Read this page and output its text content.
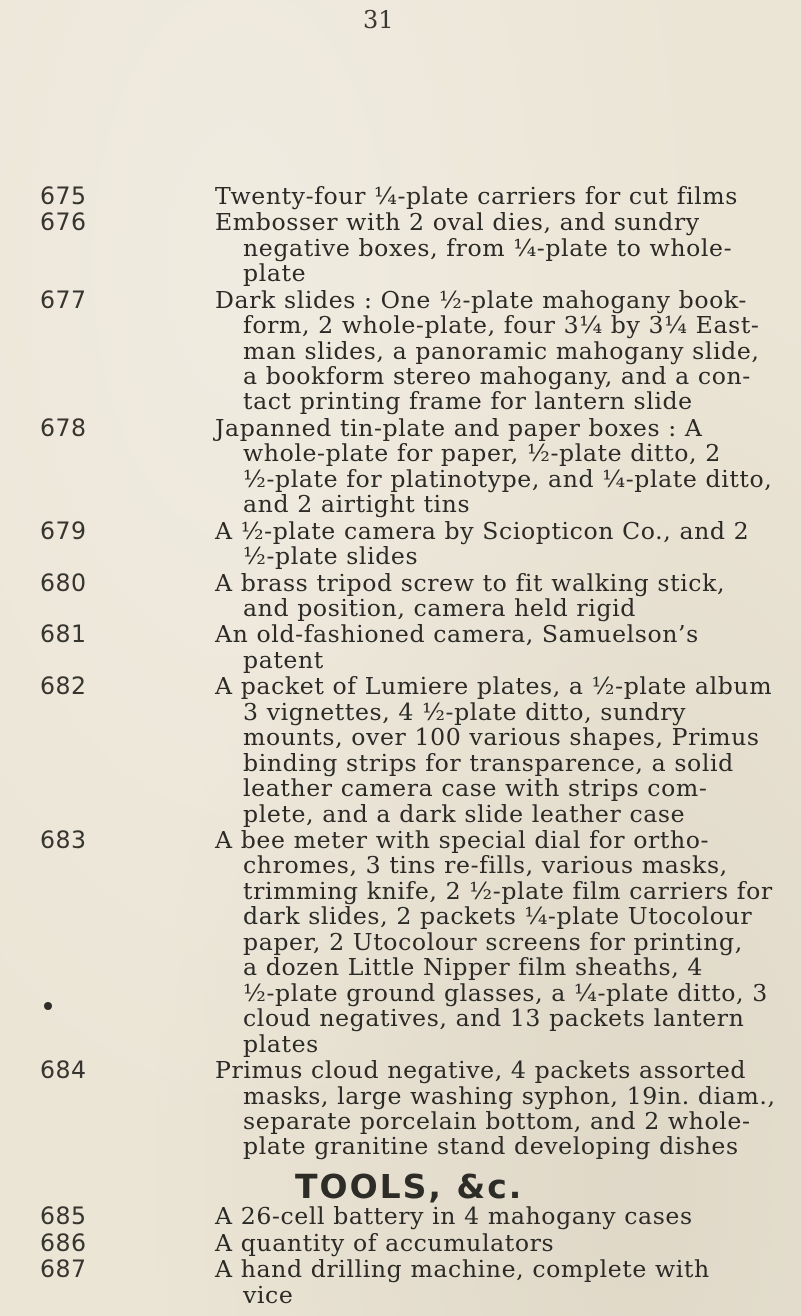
31
675	Twenty-four ¼-plate carriers for cut films
676	Embosser with 2 oval dies, and sundry
negative boxes, from ¼-plate to whole-
plate
677	Dark slides : One ½-plate mahogany book-
form, 2 whole-plate, four 3¼ by 3¼ East-
man slides, a panoramic mahogany slide,
a bookform stereo mahogany, and a con-
tact printing frame for lantern slide
678	Japanned tin-plate and paper boxes : A
whole-plate for paper, ½-plate ditto, 2
½-plate for platinotype, and ¼-plate ditto,
and 2 airtight tins
679	A ½-plate camera by Sciopticon Co., and 2
½-plate slides
680	A brass tripod screw to fit walking stick,
and position, camera held rigid
681	An old-fashioned camera, Samuelson’s
patent
682	A packet of Lumiere plates, a ½-plate album
3 vignettes, 4 ½-plate ditto, sundry
mounts, over 100 various shapes, Primus
binding strips for transparence, a solid
leather camera case with strips com-
plete, and a dark slide leather case
683	A bee meter with special dial for ortho-
chromes, 3 tins re-fills, various masks,
trimming knife, 2 ½-plate film carriers for
dark slides, 2 packets ¼-plate Utocolour
paper, 2 Utocolour screens for printing,
a dozen Little Nipper film sheaths, 4
½-plate ground glasses, a ¼-plate ditto, 3
cloud negatives, and 13 packets lantern
plates
684	Primus cloud negative, 4 packets assorted
masks, large washing syphon, 19in. diam.,
separate porcelain bottom, and 2 whole-
plate granitine stand developing dishes
TOOLS, &c.
685	A 26-cell battery in 4 mahogany cases
686	A quantity of accumulators
687	A hand drilling machine, complete with
vice
